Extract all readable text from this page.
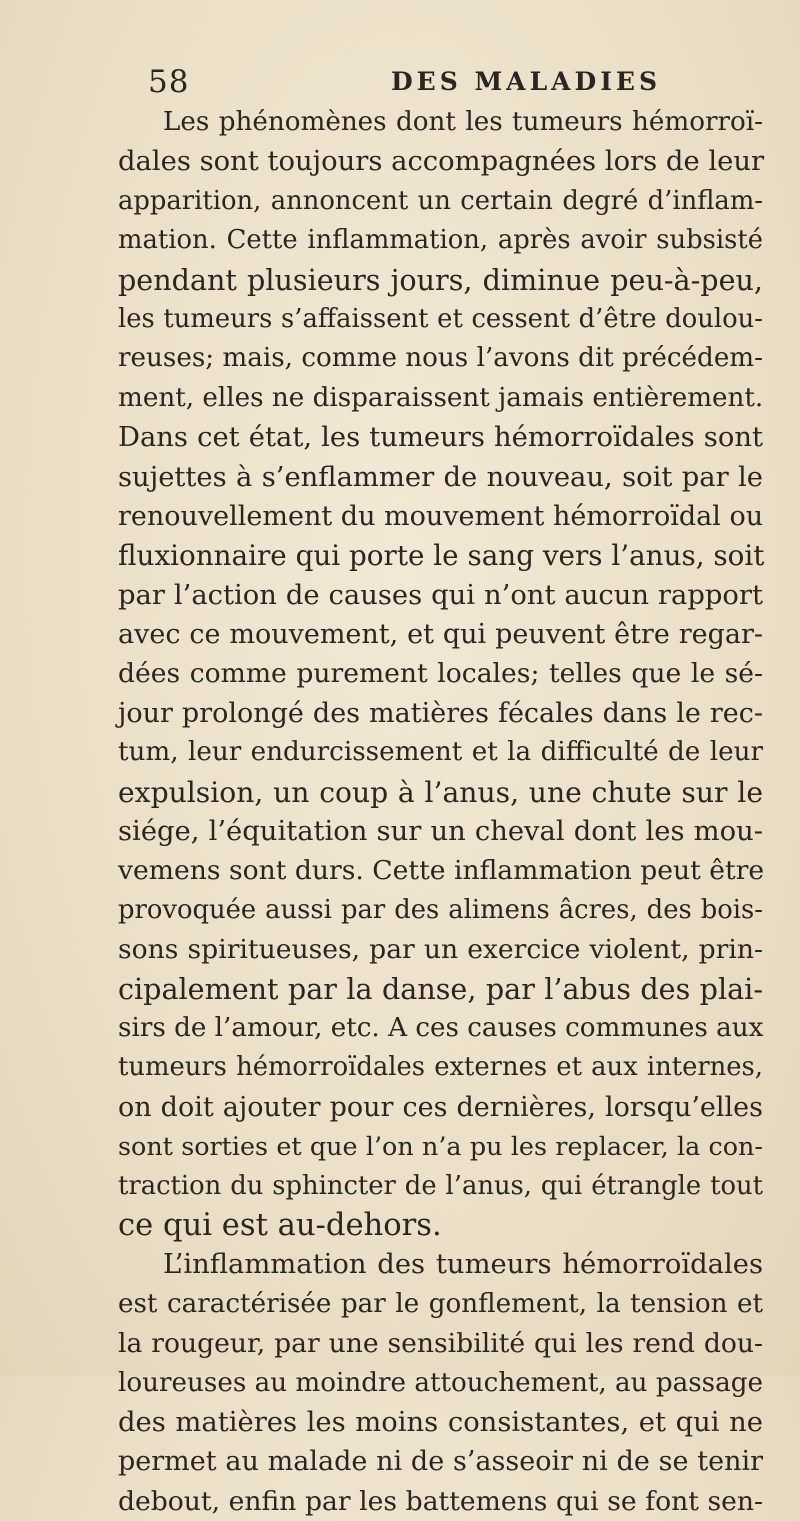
58	DES MALADIES
Les phénomènes dont les tumeurs hémorroï-
dales sont toujours accompagnées lors de leur
apparition, annoncent un certain degré d’inflam-
mation. Cette inflammation, après avoir subsisté
pendant plusieurs jours, diminue peu-à-peu,
les tumeurs s’affaissent et cessent d’être doulou-
reuses; mais, comme nous l’avons dit précédem-
ment, elles ne disparaissent jamais entièrement.
Dans cet état, les tumeurs hémorroïdales sont
sujettes à s’enflammer de nouveau, soit par le
renouvellement du mouvement hémorroïdal ou
fluxionnaire qui porte le sang vers l’anus, soit
par l’action de causes qui n’ont aucun rapport
avec ce mouvement, et qui peuvent être regar-
dées comme purement locales; telles que le sé-
jour prolongé des matières fécales dans le rec-
tum, leur endurcissement et la difficulté de leur
expulsion, un coup à l’anus, une chute sur le
siége, l’équitation sur un cheval dont les mou-
vemens sont durs. Cette inflammation peut être
provoquée aussi par des alimens âcres, des bois-
sons spiritueuses, par un exercice violent, prin-
cipalement par la danse, par l’abus des plai-
sirs de l’amour, etc. A ces causes communes aux
tumeurs hémorroïdales externes et aux internes,
on doit ajouter pour ces dernières, lorsqu’elles
sont sorties et que l’on n’a pu les replacer, la con-
traction du sphincter de l’anus, qui étrangle tout
ce qui est au-dehors.
L’inflammation des tumeurs hémorroïdales
est caractérisée par le gonflement, la tension et
la rougeur, par une sensibilité qui les rend dou-
loureuses au moindre attouchement, au passage
des matières les moins consistantes, et qui ne
permet au malade ni de s’asseoir ni de se tenir
debout, enfin par les battemens qui se font sen-
